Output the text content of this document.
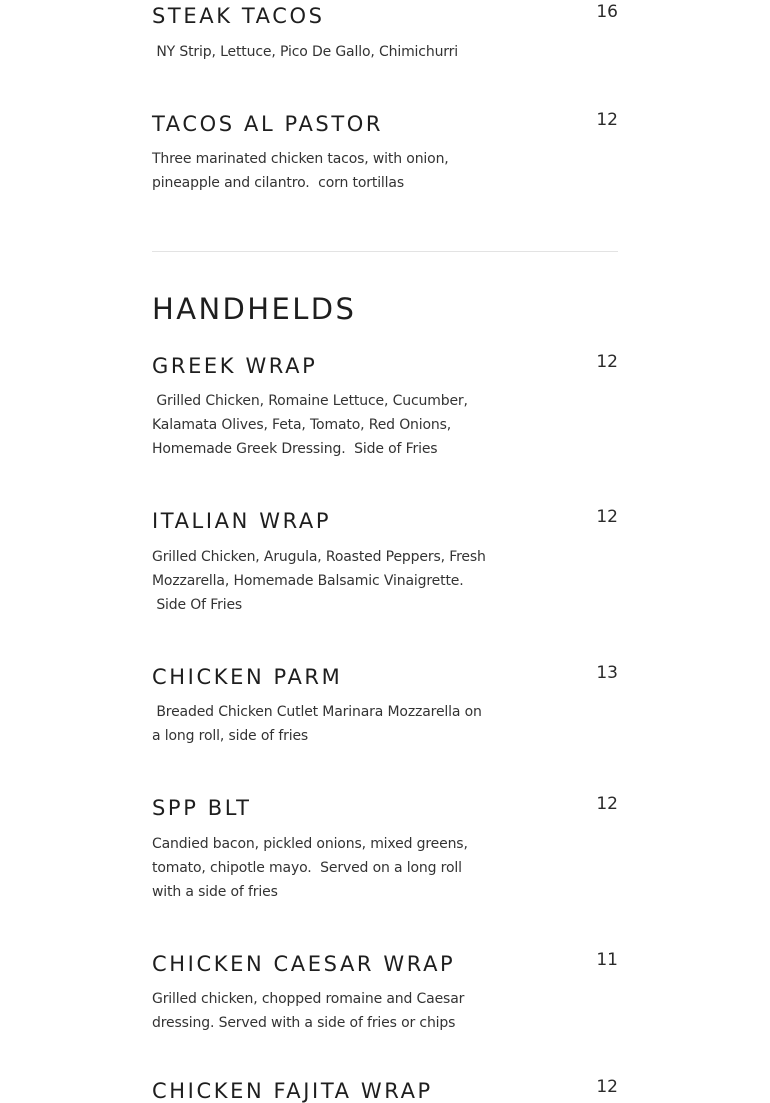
STEAK TACOS	16

NY Strip, Lettuce, Pico De Gallo, Chimichurri

TACOS AL PASTOR	12

Three marinated chicken tacos, with onion,
pineapple and cilantro.  corn tortillas

HANDHELDS
GREEK WRAP	12

Grilled Chicken, Romaine Lettuce, Cucumber,
Kalamata Olives, Feta, Tomato, Red Onions,
Homemade Greek Dressing.  Side of Fries

ITALIAN WRAP	12

Grilled Chicken, Arugula, Roasted Peppers, Fresh
Mozzarella, Homemade Balsamic Vinaigrette.
Side Of Fries

CHICKEN PARM	13

Breaded Chicken Cutlet Marinara Mozzarella on
a long roll, side of fries

SPP BLT	12

Candied bacon, pickled onions, mixed greens,
tomato, chipotle mayo.  Served on a long roll
with a side of fries

CHICKEN CAESAR WRAP	11

Grilled chicken, chopped romaine and Caesar
dressing. Served with a side of fries or chips

CHICKEN FAJITA WRAP	12
